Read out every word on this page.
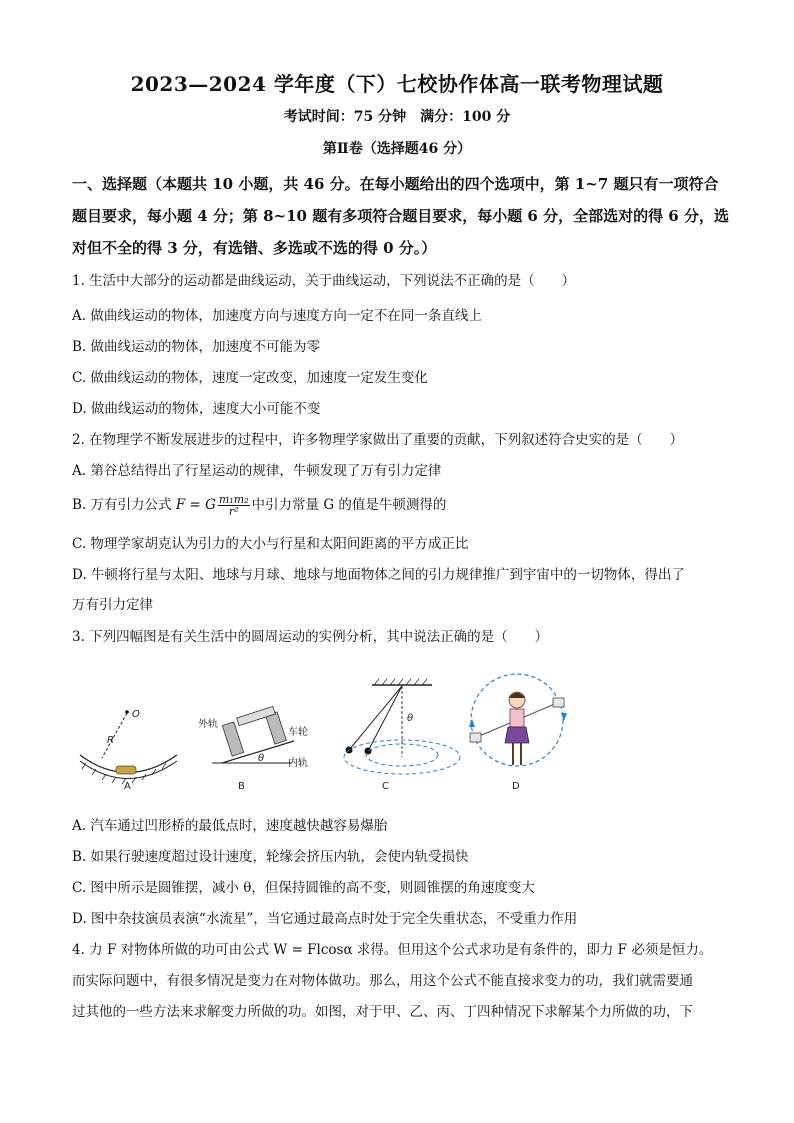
2023—2024 学年度（下）七校协作体高一联考物理试题
考试时间：75 分钟　满分：100 分
第Ⅱ卷（选择题46 分）
一、选择题（本题共 10 小题，共 46 分。在每小题给出的四个选项中，第 1~7 题只有一项符合题目要求，每小题 4 分；第 8~10 题有多项符合题目要求，每小题 6 分，全部选对的得 6 分，选对但不全的得 3 分，有选错、多选或不选的得 0 分。）
1. 生活中大部分的运动都是曲线运动，关于曲线运动，下列说法不正确的是（　　）
A. 做曲线运动的物体，加速度方向与速度方向一定不在同一条直线上
B. 做曲线运动的物体，加速度不可能为零
C. 做曲线运动的物体，速度一定改变，加速度一定发生变化
D. 做曲线运动的物体，速度大小可能不变
2. 在物理学不断发展进步的过程中，许多物理学家做出了重要的贡献，下列叙述符合史实的是（　　）
A. 第谷总结得出了行星运动的规律，牛顿发现了万有引力定律
B. 万有引力公式 F = G $\frac{\text{m₁m₂}}{\text{r²}}$ 中引力常量 G 的值是牛顿测得的
C. 物理学家胡克认为引力的大小与行星和太阳间距离的平方成正比
D. 牛顿将行星与太阳、地球与月球、地球与地面物体之间的引力规律推广到宇宙中的一切物体，得出了
万有引力定律
3. 下列四幅图是有关生活中的圆周运动的实例分析，其中说法正确的是（　　）
O
R
A
外轨
车轮
内轨
θ
B
θ
C	D
A. 汽车通过凹形桥的最低点时，速度越快越容易爆胎
B. 如果行驶速度超过设计速度，轮缘会挤压内轨，会使内轨受损快
C. 图中所示是圆锥摆，减小 θ，但保持圆锥的高不变，则圆锥摆的角速度变大
D. 图中杂技演员表演“水流星”，当它通过最高点时处于完全失重状态，不受重力作用
4. 力 F 对物体所做的功可由公式 W = Flcosα 求得。但用这个公式求功是有条件的，即力 F 必须是恒力。
而实际问题中，有很多情况是变力在对物体做功。那么，用这个公式不能直接求变力的功，我们就需要通
过其他的一些方法来求解变力所做的功。如图，对于甲、乙、丙、丁四种情况下求解某个力所做的功，下
